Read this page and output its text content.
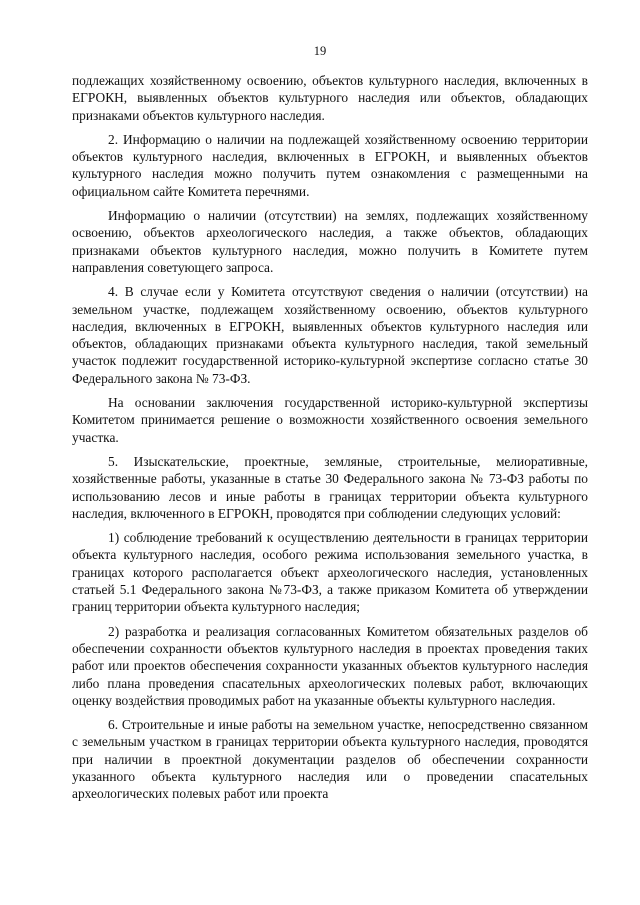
19

подлежащих хозяйственному освоению, объектов культурного наследия, включенных в ЕГРОКН, выявленных объектов культурного наследия или объектов, обладающих признаками объектов культурного наследия.

2. Информацию о наличии на подлежащей хозяйственному освоению территории объектов культурного наследия, включенных в ЕГРОКН, и выявленных объектов культурного наследия можно получить путем ознакомления с размещенными на официальном сайте Комитета перечнями.

Информацию о наличии (отсутствии) на землях, подлежащих хозяйственному освоению, объектов археологического наследия, а также объектов, обладающих признаками объектов культурного наследия, можно получить в Комитете путем направления советующего запроса.

4. В случае если у Комитета отсутствуют сведения о наличии (отсутствии) на земельном участке, подлежащем хозяйственному освоению, объектов культурного наследия, включенных в ЕГРОКН, выявленных объектов культурного наследия или объектов, обладающих признаками объекта культурного наследия, такой земельный участок подлежит государственной историко-культурной экспертизе согласно статье 30 Федерального закона № 73-ФЗ.

На основании заключения государственной историко-культурной экспертизы Комитетом принимается решение о возможности хозяйственного освоения земельного участка.

5. Изыскательские, проектные, земляные, строительные, мелиоративные, хозяйственные работы, указанные в статье 30 Федерального закона № 73-ФЗ работы по использованию лесов и иные работы в границах территории объекта культурного наследия, включенного в ЕГРОКН, проводятся при соблюдении следующих условий:

1) соблюдение требований к осуществлению деятельности в границах территории объекта культурного наследия, особого режима использования земельного участка, в границах которого располагается объект археологического наследия, установленных статьей 5.1 Федерального закона №73-ФЗ, а также приказом Комитета об утверждении границ территории объекта культурного наследия;

2) разработка и реализация согласованных Комитетом обязательных разделов об обеспечении сохранности объектов культурного наследия в проектах проведения таких работ или проектов обеспечения сохранности указанных объектов культурного наследия либо плана проведения спасательных археологических полевых работ, включающих оценку воздействия проводимых работ на указанные объекты культурного наследия.

6. Строительные и иные работы на земельном участке, непосредственно связанном с земельным участком в границах территории объекта культурного наследия, проводятся при наличии в проектной документации разделов об обеспечении сохранности указанного объекта культурного наследия или о проведении спасательных археологических полевых работ или проекта
